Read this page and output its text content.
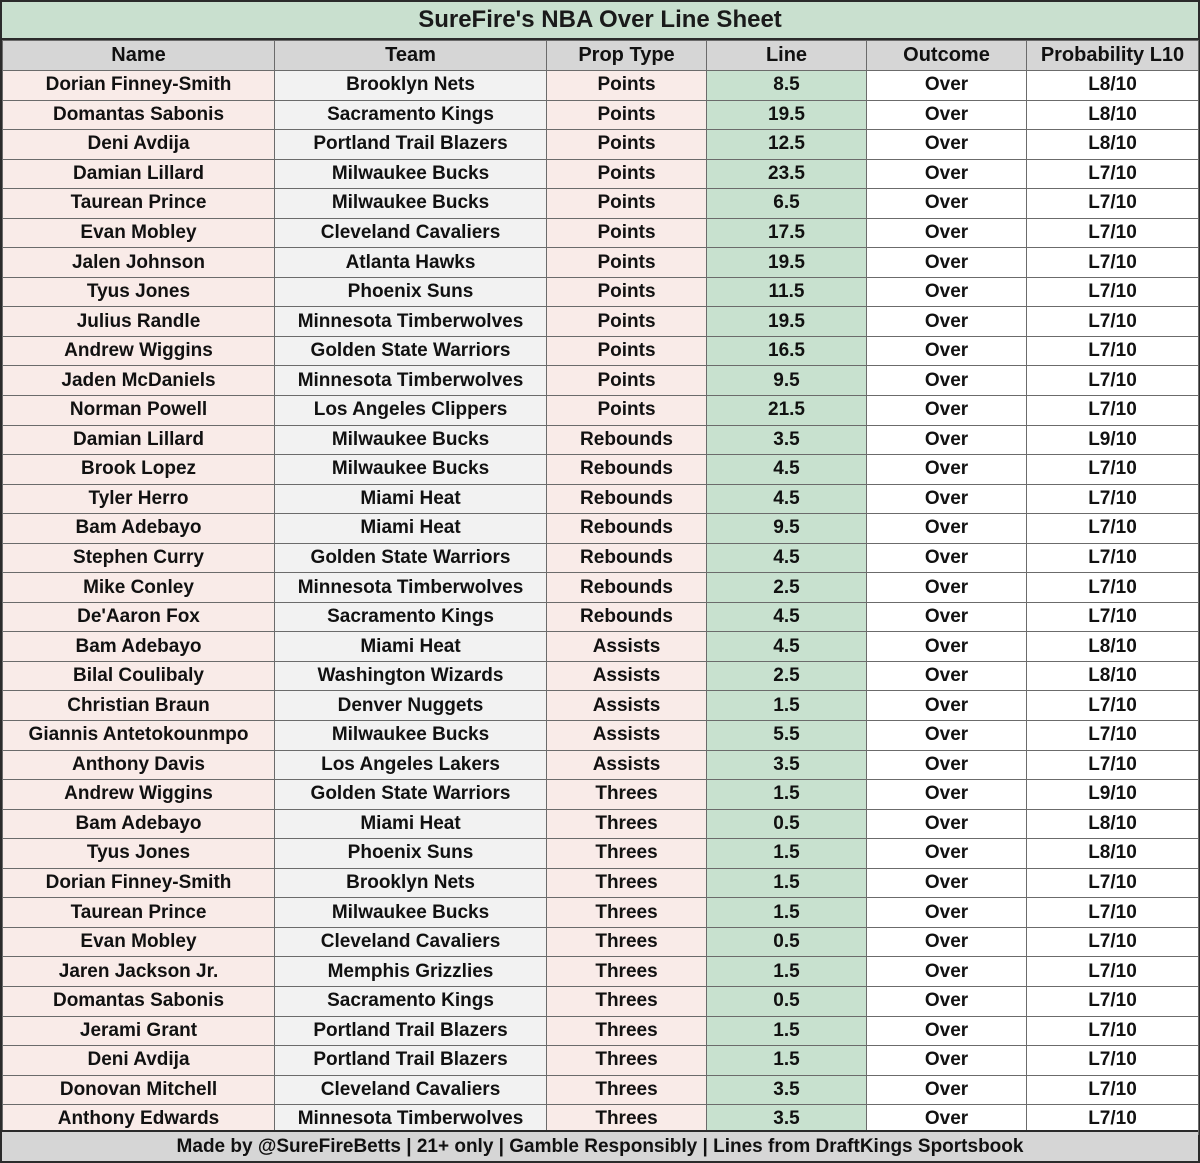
SureFire's NBA Over Line Sheet
Name	Team	Prop Type	Line	Outcome	Probability L10
Dorian Finney-Smith	Brooklyn Nets	Points	8.5	Over	L8/10
Domantas Sabonis	Sacramento Kings	Points	19.5	Over	L8/10
Deni Avdija	Portland Trail Blazers	Points	12.5	Over	L8/10
Damian Lillard	Milwaukee Bucks	Points	23.5	Over	L7/10
Taurean Prince	Milwaukee Bucks	Points	6.5	Over	L7/10
Evan Mobley	Cleveland Cavaliers	Points	17.5	Over	L7/10
Jalen Johnson	Atlanta Hawks	Points	19.5	Over	L7/10
Tyus Jones	Phoenix Suns	Points	11.5	Over	L7/10
Julius Randle	Minnesota Timberwolves	Points	19.5	Over	L7/10
Andrew Wiggins	Golden State Warriors	Points	16.5	Over	L7/10
Jaden McDaniels	Minnesota Timberwolves	Points	9.5	Over	L7/10
Norman Powell	Los Angeles Clippers	Points	21.5	Over	L7/10
Damian Lillard	Milwaukee Bucks	Rebounds	3.5	Over	L9/10
Brook Lopez	Milwaukee Bucks	Rebounds	4.5	Over	L7/10
Tyler Herro	Miami Heat	Rebounds	4.5	Over	L7/10
Bam Adebayo	Miami Heat	Rebounds	9.5	Over	L7/10
Stephen Curry	Golden State Warriors	Rebounds	4.5	Over	L7/10
Mike Conley	Minnesota Timberwolves	Rebounds	2.5	Over	L7/10
De'Aaron Fox	Sacramento Kings	Rebounds	4.5	Over	L7/10
Bam Adebayo	Miami Heat	Assists	4.5	Over	L8/10
Bilal Coulibaly	Washington Wizards	Assists	2.5	Over	L8/10
Christian Braun	Denver Nuggets	Assists	1.5	Over	L7/10
Giannis Antetokounmpo	Milwaukee Bucks	Assists	5.5	Over	L7/10
Anthony Davis	Los Angeles Lakers	Assists	3.5	Over	L7/10
Andrew Wiggins	Golden State Warriors	Threes	1.5	Over	L9/10
Bam Adebayo	Miami Heat	Threes	0.5	Over	L8/10
Tyus Jones	Phoenix Suns	Threes	1.5	Over	L8/10
Dorian Finney-Smith	Brooklyn Nets	Threes	1.5	Over	L7/10
Taurean Prince	Milwaukee Bucks	Threes	1.5	Over	L7/10
Evan Mobley	Cleveland Cavaliers	Threes	0.5	Over	L7/10
Jaren Jackson Jr.	Memphis Grizzlies	Threes	1.5	Over	L7/10
Domantas Sabonis	Sacramento Kings	Threes	0.5	Over	L7/10
Jerami Grant	Portland Trail Blazers	Threes	1.5	Over	L7/10
Deni Avdija	Portland Trail Blazers	Threes	1.5	Over	L7/10
Donovan Mitchell	Cleveland Cavaliers	Threes	3.5	Over	L7/10
Anthony Edwards	Minnesota Timberwolves	Threes	3.5	Over	L7/10
Made by @SureFireBetts | 21+ only | Gamble Responsibly | Lines from DraftKings Sportsbook
